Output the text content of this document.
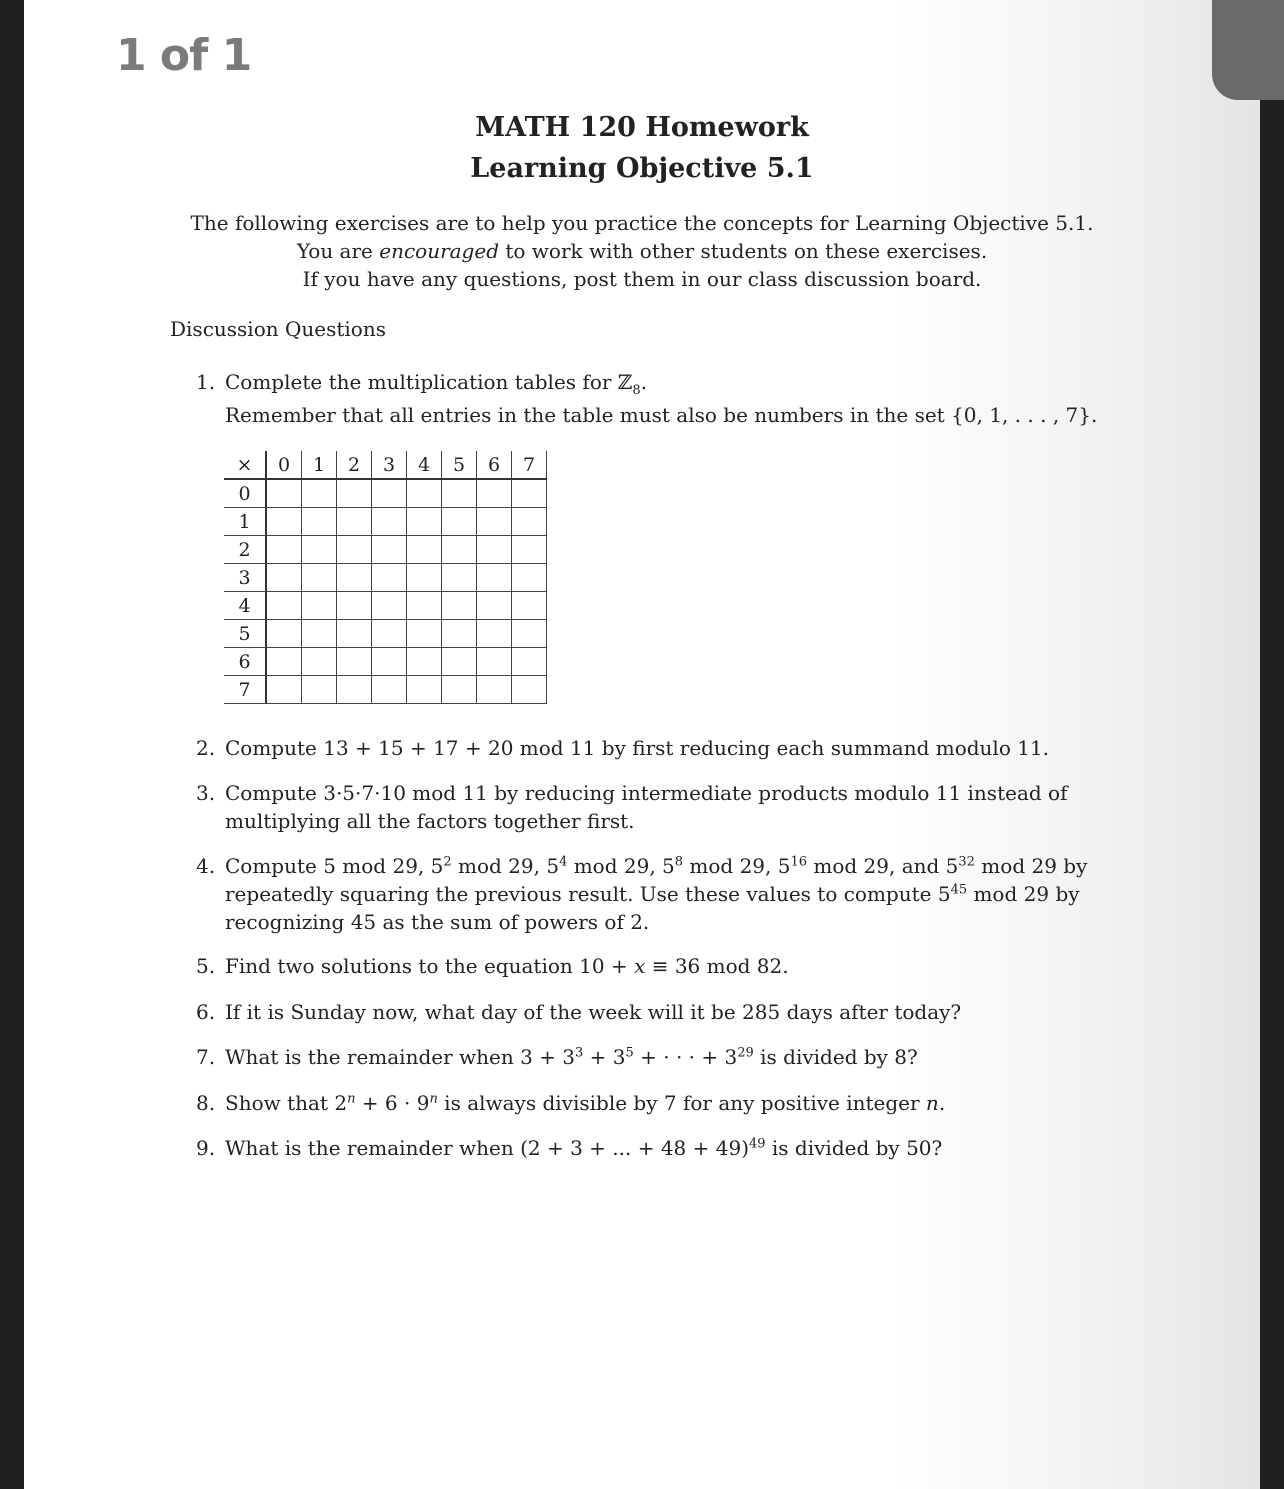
1 of 1
MATH 120 Homework
Learning Objective 5.1
The following exercises are to help you practice the concepts for Learning Objective 5.1.
You are encouraged to work with other students on these exercises.
If you have any questions, post them in our class discussion board.
Discussion Questions
1. Complete the multiplication tables for ℤ$_8$.
Remember that all entries in the table must also be numbers in the set {0, 1, . . . , 7}.
×	0	1	2	3	4	5	6	7
0								
1								
2								
3								
4								
5								
6								
7								
2. Compute 13 + 15 + 17 + 20 mod 11 by first reducing each summand modulo 11.
3. Compute 3·5·7·10 mod 11 by reducing intermediate products modulo 11 instead of multiplying all the factors together first.
4. Compute 5 mod 29, $5^2$ mod 29, $5^4$ mod 29, $5^8$ mod 29, $5^{16}$ mod 29, and $5^{32}$ mod 29 by repeatedly squaring the previous result. Use these values to compute $5^{45}$ mod 29 by recognizing 45 as the sum of powers of 2.
5. Find two solutions to the equation 10 + x ≡ 36 mod 82.
6. If it is Sunday now, what day of the week will it be 285 days after today?
7. What is the remainder when $3 + 3^3 + 3^5$ + · · · + $3^{29}$ is divided by 8?
8. Show that $2^n + 6 \cdot 9^n$ is always divisible by 7 for any positive integer n.
9. What is the remainder when (2 + 3 + ... + 48 + 49)$^{49}$ is divided by 50?
